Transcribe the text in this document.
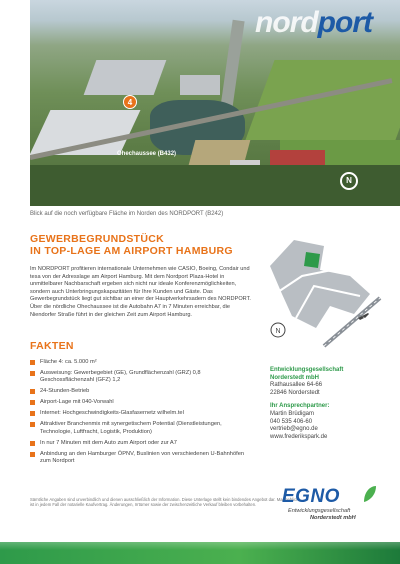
nordport
4
Ohechaussee (B432)
N
Blick auf die noch verfügbare Fläche im Norden des NORDPORT (B242)
GEWERBEGRUNDSTÜCK
IN TOP-LAGE AM AIRPORT HAMBURG
Im NORDPORT profitieren internationale Unternehmen wie CASIO, Boeing, Condair und tesa von der Adresslage am Airport Hamburg. Mit dem Nordport Plaza-Hotel in unmittelbarer Nachbarschaft ergeben sich nicht nur ideale Konferenzmöglichkeiten, sondern auch Unterbringungskapazitäten für Ihre Kunden und Gäste. Das Gewerbegrundstück liegt gut sichtbar an einer der Hauptverkehrsadern des NORDPORT. Über die nördliche Ohechaussee ist die Autobahn A7 in 7 Minuten erreichbar, die Niendorfer Straße führt in der gleichen Zeit zum Airport Hamburg.
N
FAKTEN
Fläche 4: ca. 5.000 m²
Ausweisung: Gewerbegebiet (GE), Grundflächenzahl (GRZ) 0,8 Geschossflächenzahl (GFZ) 1,2
24-Stunden-Betrieb
Airport-Lage mit 040-Vorwahl
Internet: Hochgeschwindigkeits-Glasfasernetz wilhelm.tel
Attraktiver Branchenmix mit synergetischem Potential (Dienstleistungen, Technologie, Luftfracht, Logistik, Produktion)
In nur 7 Minuten mit dem Auto zum Airport oder zur A7
Anbindung an den Hamburger ÖPNV, Buslinien von verschiedenen U-Bahnhöfen zum Nordport
Entwicklungsgesellschaft
Norderstedt mbH
Rathausallee 64-66
22846 Norderstedt
Ihr Ansprechpartner:
Martin Brüdigam
040 535 406-60
vertrieb@egno.de
www.frederikspark.de
Sämtliche Angaben sind unverbindlich und dienen ausschließlich der Information. Diese Unterlage stellt kein bindendes Angebot dar. Maßgeblich ist in jedem Fall der notarielle Kaufvertrag. Änderungen, Irrtümer sowie der zwischenzeitliche Verkauf bleiben vorbehalten.	EGNO
Entwicklungsgesellschaft
Norderstedt mbH
